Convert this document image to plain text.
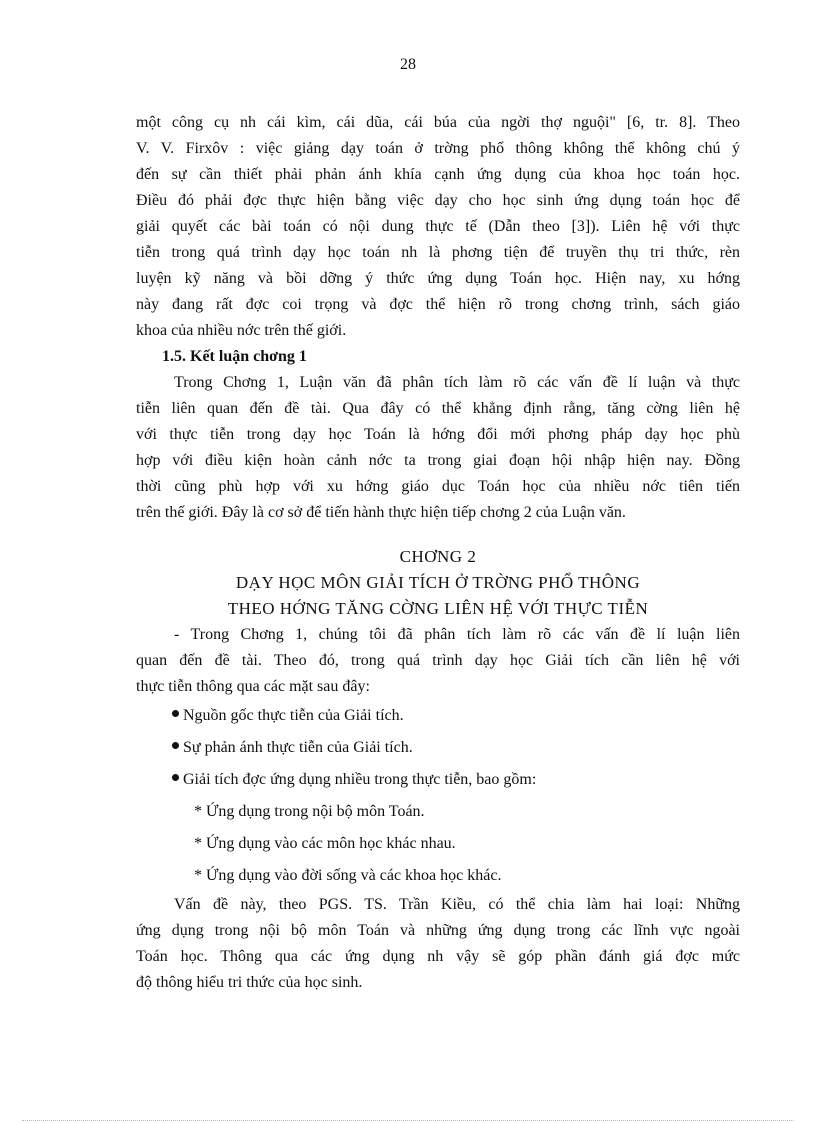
28
một công cụ nh cái kìm, cái dũa, cái búa của ngời thợ nguội" [6, tr. 8]. Theo
V. V. Firxôv : việc giảng dạy toán ở trờng phổ thông không thể không chú ý
đến sự cần thiết phải phản ánh khía cạnh ứng dụng của khoa học toán học.
Điều đó phải đợc thực hiện bằng việc dạy cho học sinh ứng dụng toán học để
giải quyết các bài toán có nội dung thực tế (Dẫn theo [3]). Liên hệ với thực
tiễn trong quá trình dạy học toán nh là phơng tiện để truyền thụ tri thức, rèn
luyện kỹ năng và bồi dỡng ý thức ứng dụng Toán học. Hiện nay, xu hớng
này đang rất đợc coi trọng và đợc thể hiện rõ trong chơng trình, sách giáo
khoa của nhiều nớc trên thế giới.
1.5. Kết luận chơng 1
Trong Chơng 1, Luận văn đã phân tích làm rõ các vấn đề lí luận và thực
tiễn liên quan đến đề tài. Qua đây có thể khẳng định rằng, tăng cờng liên hệ
với thực tiễn trong dạy học Toán là hớng đổi mới phơng pháp dạy học phù
hợp với điều kiện hoàn cảnh nớc ta trong giai đoạn hội nhập hiện nay. Đồng
thời cũng phù hợp với xu hớng giáo dục Toán học của nhiều nớc tiên tiến
trên thế giới. Đây là cơ sở để tiến hành thực hiện tiếp chơng 2 của Luận văn.
CHƠNG 2
DẠY HỌC MÔN GIẢI TÍCH Ở TRỜNG PHỔ THÔNG
THEO HỚNG TĂNG CỜNG LIÊN HỆ VỚI THỰC TIỄN
- Trong Chơng 1, chúng tôi đã phân tích làm rõ các vấn đề lí luận liên
quan đến đề tài. Theo đó, trong quá trình dạy học Giải tích cần liên hệ với
thực tiễn thông qua các mặt sau đây:
Nguồn gốc thực tiễn của Giải tích.
Sự phản ánh thực tiễn của Giải tích.
Giải tích đợc ứng dụng nhiều trong thực tiễn, bao gồm:
* Ứng dụng trong nội bộ môn Toán.
* Ứng dụng vào các môn học khác nhau.
* Ứng dụng vào đời sống và các khoa học khác.
Vấn đề này, theo PGS. TS. Trần Kiều, có thể chia làm hai loại: Những
ứng dụng trong nội bộ môn Toán và những ứng dụng trong các lĩnh vực ngoài
Toán học. Thông qua các ứng dụng nh vậy sẽ góp phần đánh giá đợc mức
độ thông hiểu tri thức của học sinh.
